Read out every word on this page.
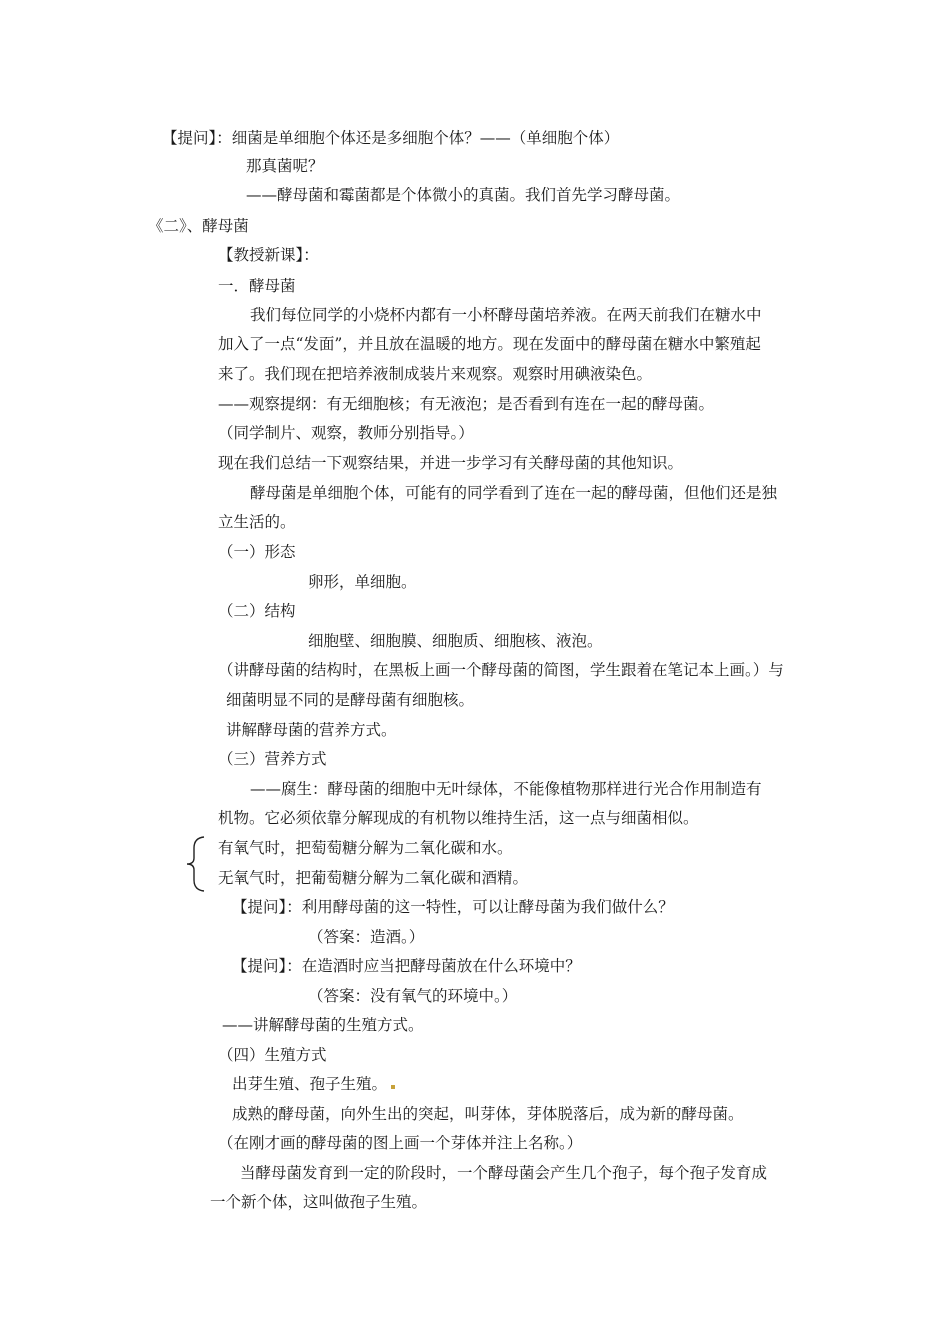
【提问】：细菌是单细胞个体还是多细胞个体？——（单细胞个体）
那真菌呢？
——酵母菌和霉菌都是个体微小的真菌。我们首先学习酵母菌。
《二》、酵母菌
【教授新课】：
一．酵母菌
我们每位同学的小烧杯内都有一小杯酵母菌培养液。在两天前我们在糖水中
加入了一点“发面”，并且放在温暖的地方。现在发面中的酵母菌在糖水中繁殖起
来了。我们现在把培养液制成装片来观察。观察时用碘液染色。
——观察提纲：有无细胞核；有无液泡；是否看到有连在一起的酵母菌。
（同学制片、观察，教师分别指导。）
现在我们总结一下观察结果，并进一步学习有关酵母菌的其他知识。
酵母菌是单细胞个体，可能有的同学看到了连在一起的酵母菌，但他们还是独
立生活的。
（一）形态
卵形，单细胞。
（二）结构
细胞壁、细胞膜、细胞质、细胞核、液泡。
（讲酵母菌的结构时，在黑板上画一个酵母菌的简图，学生跟着在笔记本上画。）与
细菌明显不同的是酵母菌有细胞核。
讲解酵母菌的营养方式。
（三）营养方式
——腐生：酵母菌的细胞中无叶绿体，不能像植物那样进行光合作用制造有
机物。它必须依靠分解现成的有机物以维持生活，这一点与细菌相似。
有氧气时，把萄萄糖分解为二氧化碳和水。
无氧气时，把葡萄糖分解为二氧化碳和酒精。
【提问】：利用酵母菌的这一特性，可以让酵母菌为我们做什么？
（答案：造酒。）
【提问】：在造酒时应当把酵母菌放在什么环境中？
（答案：没有氧气的环境中。）
——讲解酵母菌的生殖方式。
（四）生殖方式
出芽生殖、孢子生殖。
成熟的酵母菌，向外生出的突起，叫芽体，芽体脱落后，成为新的酵母菌。
（在刚才画的酵母菌的图上画一个芽体并注上名称。）
当酵母菌发育到一定的阶段时，一个酵母菌会产生几个孢子，每个孢子发育成
一个新个体，这叫做孢子生殖。
